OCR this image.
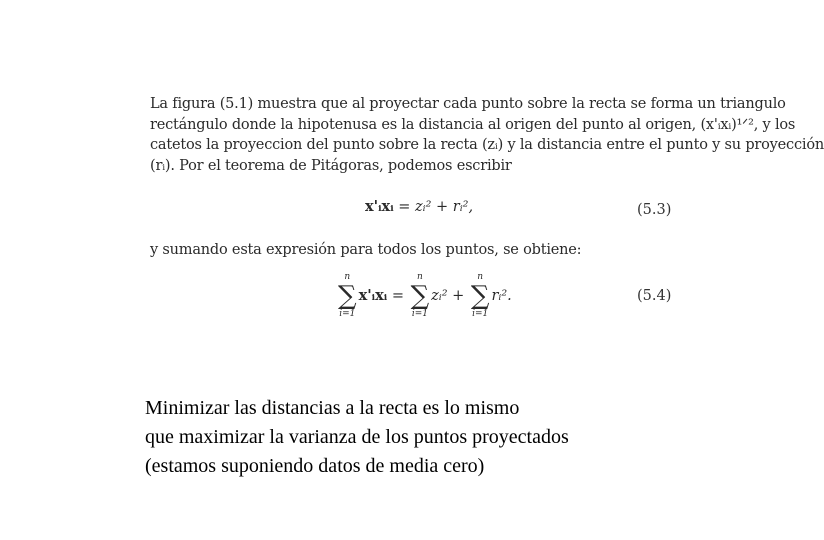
La figura (5.1) muestra que al proyectar cada punto sobre la recta se forma un triangulo
rectángulo donde la hipotenusa es la distancia al origen del punto al origen, (x'ᵢxᵢ)¹ᐟ², y los
catetos la proyeccion del punto sobre la recta (zᵢ) y la distancia entre el punto y su proyección
(rᵢ). Por el teorema de Pitágoras, podemos escribir

x'ᵢxᵢ = zᵢ² + rᵢ²,	(5.3)

y sumando esta expresión para todos los puntos, se obtiene:

n
∑
i=1
x'ᵢxᵢ =
n
∑
i=1
zᵢ² +
n
∑
i=1
rᵢ².	(5.4)
Minimizar las distancias a la recta es lo mismo
que maximizar la varianza de los puntos proyectados
(estamos suponiendo datos de media cero)
